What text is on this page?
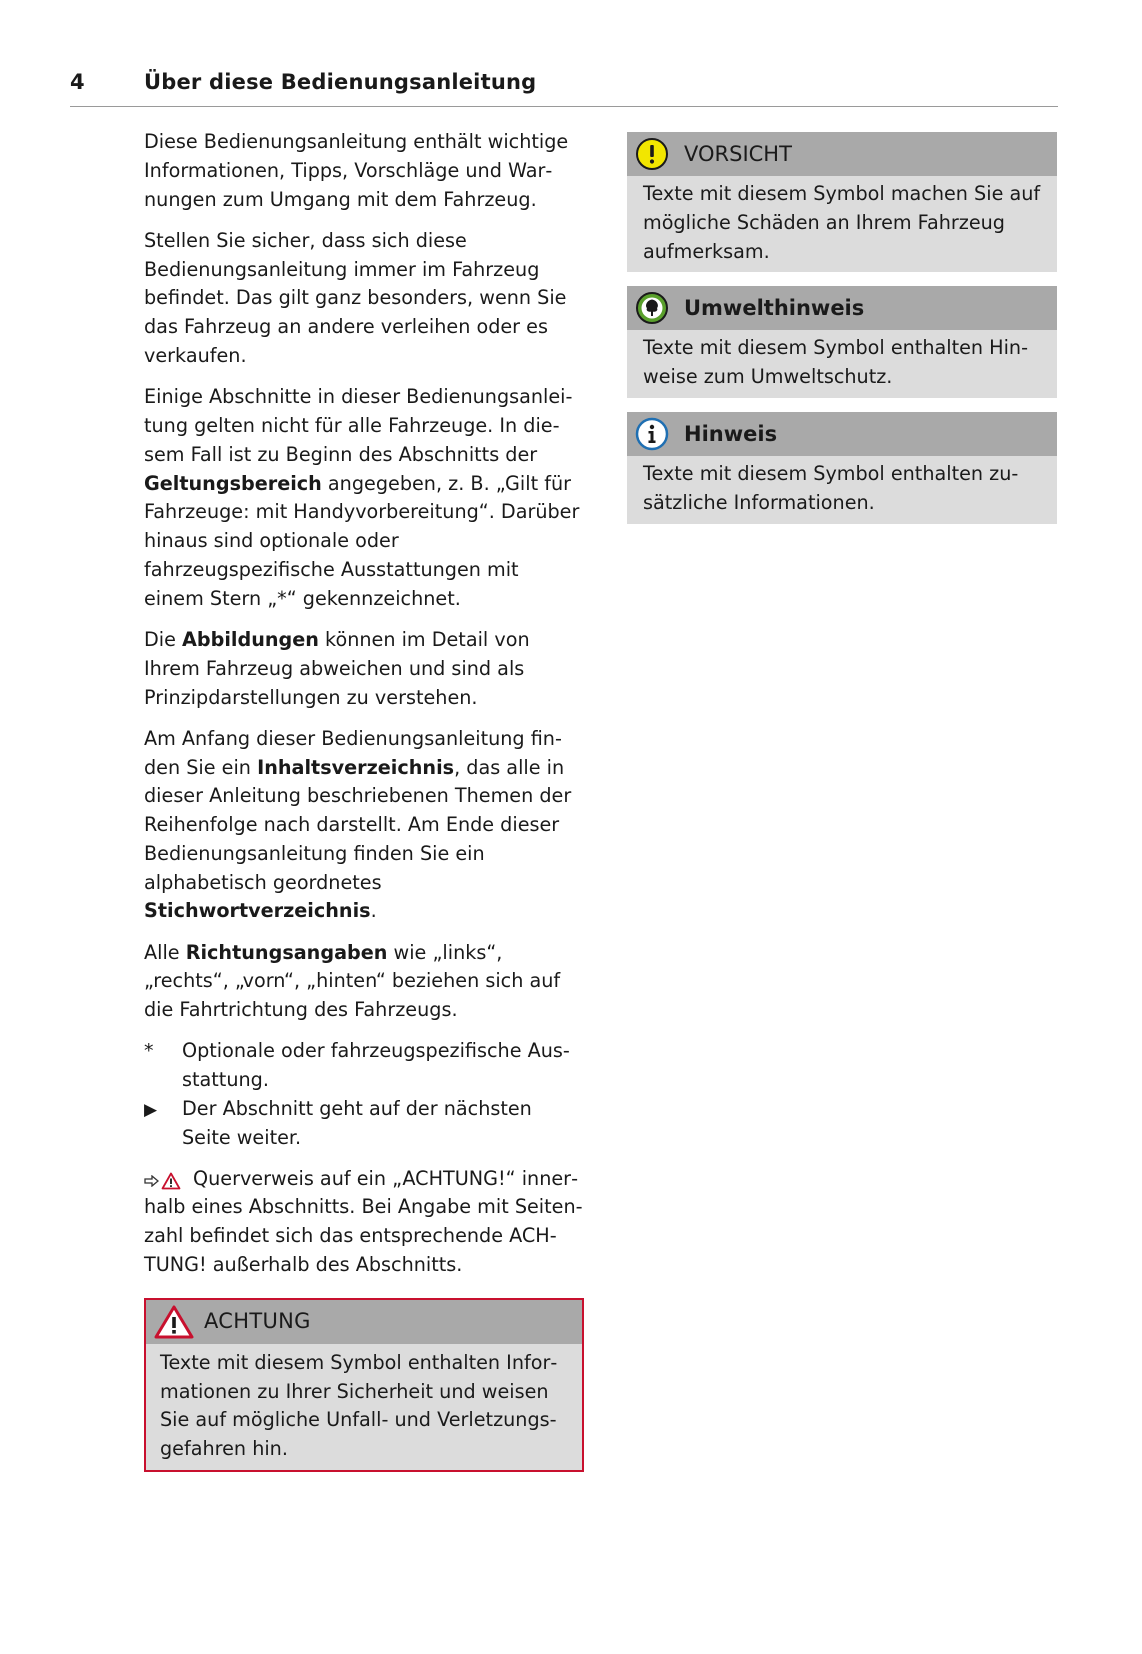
4	Über diese Bedienungsanleitung

Diese Bedienungsanleitung enthält wichtige Informationen, Tipps, Vorschläge und Warnungen zum Umgang mit dem Fahrzeug.

Stellen Sie sicher, dass sich diese Bedienungsanleitung immer im Fahrzeug befindet. Das gilt ganz besonders, wenn Sie das Fahrzeug an andere verleihen oder es verkaufen.

Einige Abschnitte in dieser Bedienungsanleitung gelten nicht für alle Fahrzeuge. In diesem Fall ist zu Beginn des Abschnitts der Geltungsbereich angegeben, z. B. „Gilt für Fahrzeuge: mit Handyvorbereitung“. Darüber hinaus sind optionale oder fahrzeugspezifische Ausstattungen mit einem Stern „*“ gekennzeichnet.

Die Abbildungen können im Detail von Ihrem Fahrzeug abweichen und sind als Prinzipdarstellungen zu verstehen.

Am Anfang dieser Bedienungsanleitung finden Sie ein Inhaltsverzeichnis, das alle in dieser Anleitung beschriebenen Themen der Reihenfolge nach darstellt. Am Ende dieser Bedienungsanleitung finden Sie ein alphabetisch geordnetes Stichwortverzeichnis.

Alle Richtungsangaben wie „links“, „rechts“, „vorn“, „hinten“ beziehen sich auf die Fahrtrichtung des Fahrzeugs.

*	Optionale oder fahrzeugspezifische Ausstattung.
▶	Der Abschnitt geht auf der nächsten Seite weiter.

Querverweis auf ein „ACHTUNG!“ innerhalb eines Abschnitts. Bei Angabe mit Seitenzahl befindet sich das entsprechende ACHTUNG! außerhalb des Abschnitts.

ACHTUNG
Texte mit diesem Symbol enthalten Informationen zu Ihrer Sicherheit und weisen Sie auf mögliche Unfall- und Verletzungsgefahren hin.
VORSICHT
Texte mit diesem Symbol machen Sie auf mögliche Schäden an Ihrem Fahrzeug aufmerksam.
Umwelthinweis
Texte mit diesem Symbol enthalten Hinweise zum Umweltschutz.
Hinweis
Texte mit diesem Symbol enthalten zusätzliche Informationen.
